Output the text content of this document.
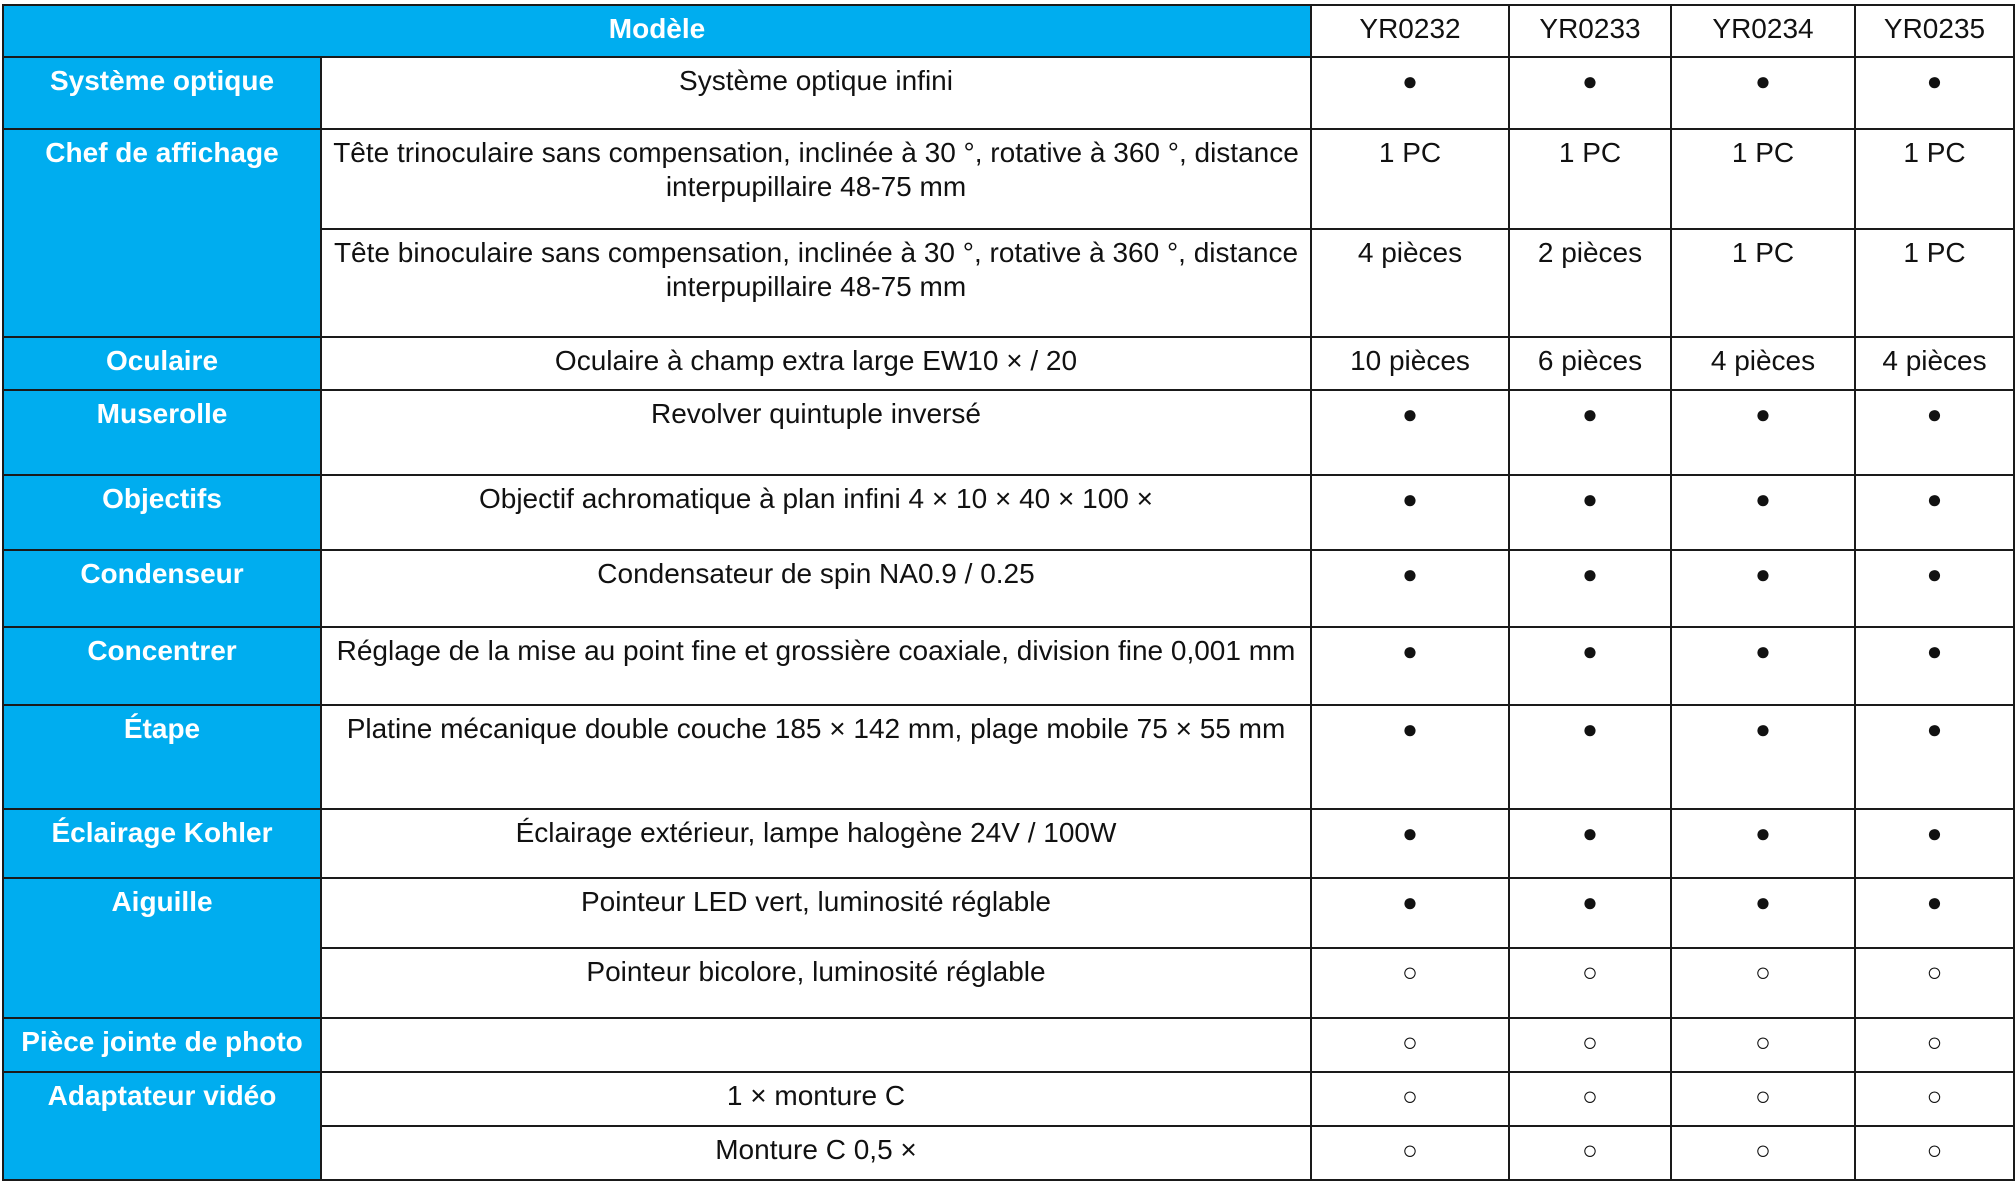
Modèle		YR0232	YR0233	YR0234	YR0235
Système optique	Système optique infini	●	●	●	●
Chef de affichage	Tête trinoculaire sans compensation, inclinée à 30 °, rotative à 360 °, distance interpupillaire 48-75 mm	1 PC	1 PC	1 PC	1 PC
	Tête binoculaire sans compensation, inclinée à 30 °, rotative à 360 °, distance interpupillaire 48-75 mm	4 pièces	2 pièces	1 PC	1 PC
Oculaire	Oculaire à champ extra large EW10 × / 20	10 pièces	6 pièces	4 pièces	4 pièces
Muserolle	Revolver quintuple inversé	●	●	●	●
Objectifs	Objectif achromatique à plan infini 4 × 10 × 40 × 100 ×	●	●	●	●
Condenseur	Condensateur de spin NA0.9 / 0.25	●	●	●	●
Concentrer	Réglage de la mise au point fine et grossière coaxiale, division fine 0,001 mm	●	●	●	●
Étape	Platine mécanique double couche 185 × 142 mm, plage mobile 75 × 55 mm	●	●	●	●
Éclairage Kohler	Éclairage extérieur, lampe halogène 24V / 100W	●	●	●	●
Aiguille	Pointeur LED vert, luminosité réglable	●	●	●	●
	Pointeur bicolore, luminosité réglable	○	○	○	○
Pièce jointe de photo		○	○	○	○
Adaptateur vidéo	1 × monture C	○	○	○	○
	Monture C 0,5 ×	○	○	○	○
